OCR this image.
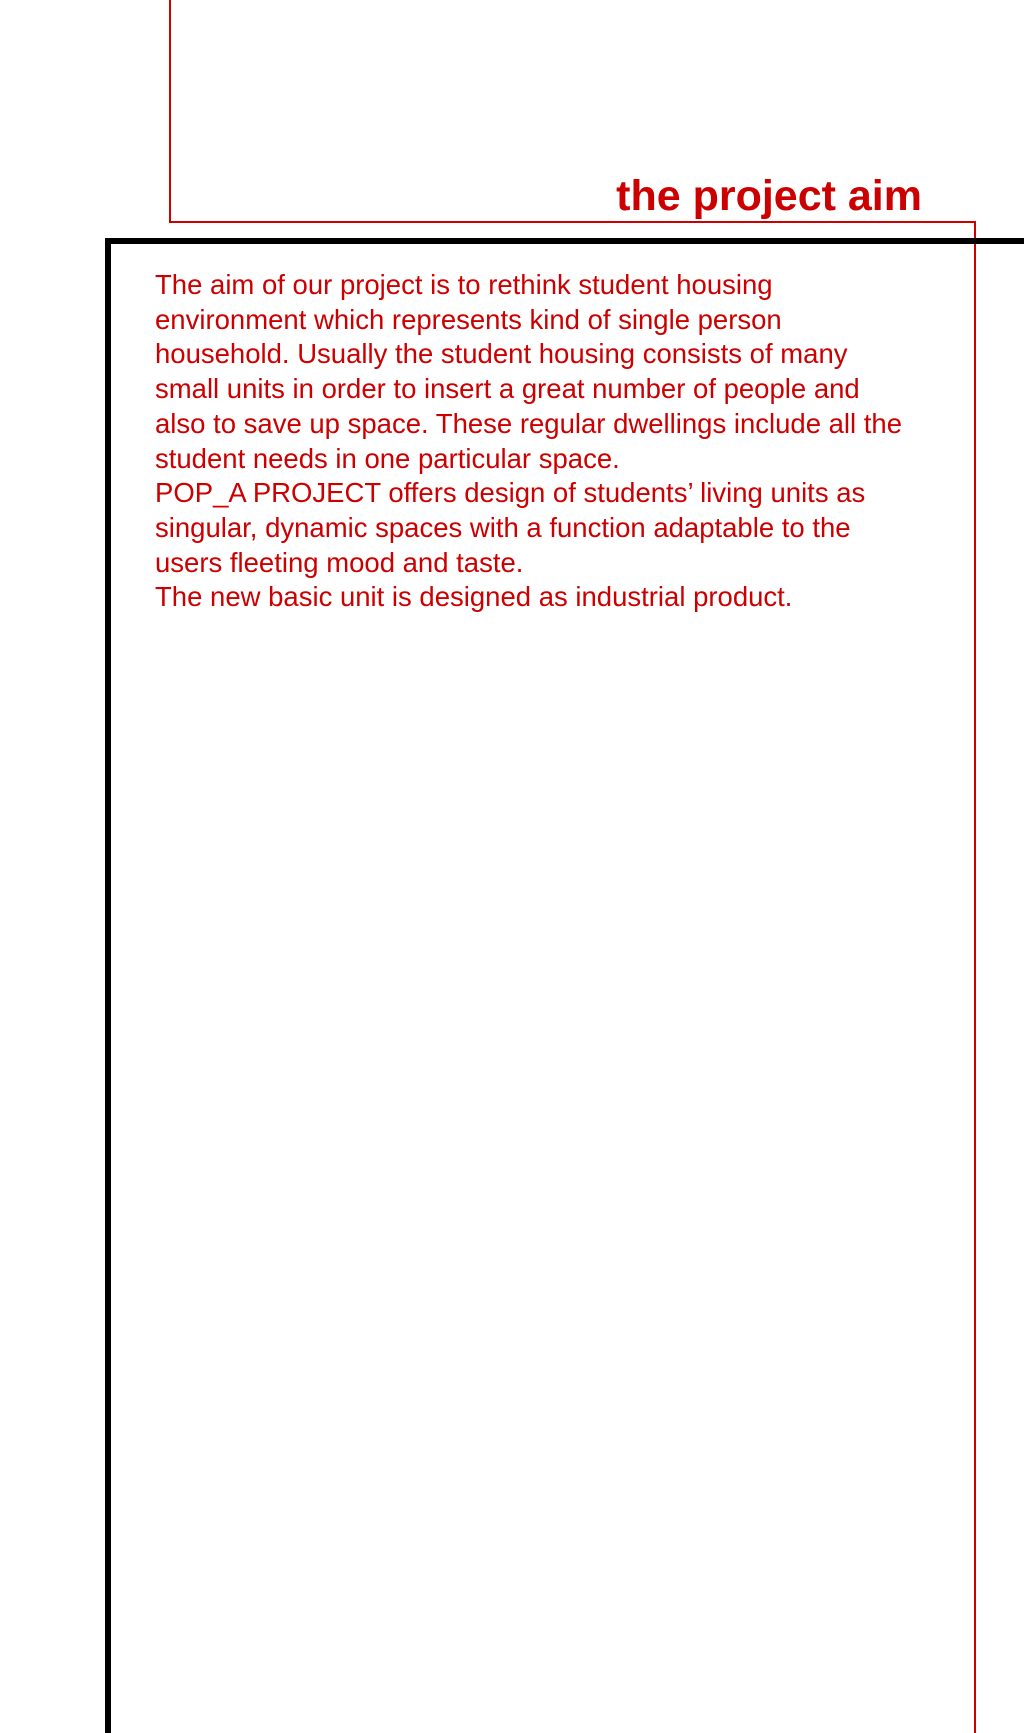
the project aim
The aim of our project is to rethink student housing
environment which represents kind of single person
household. Usually the student housing consists of many
small units in order to insert a great number of people and
also to save up space. These regular dwellings include all the
student needs in one particular space.
POP_A PROJECT offers design of students’ living units as
singular, dynamic spaces with a function adaptable to the
users fleeting mood and taste.
The new basic unit is designed as industrial product.
